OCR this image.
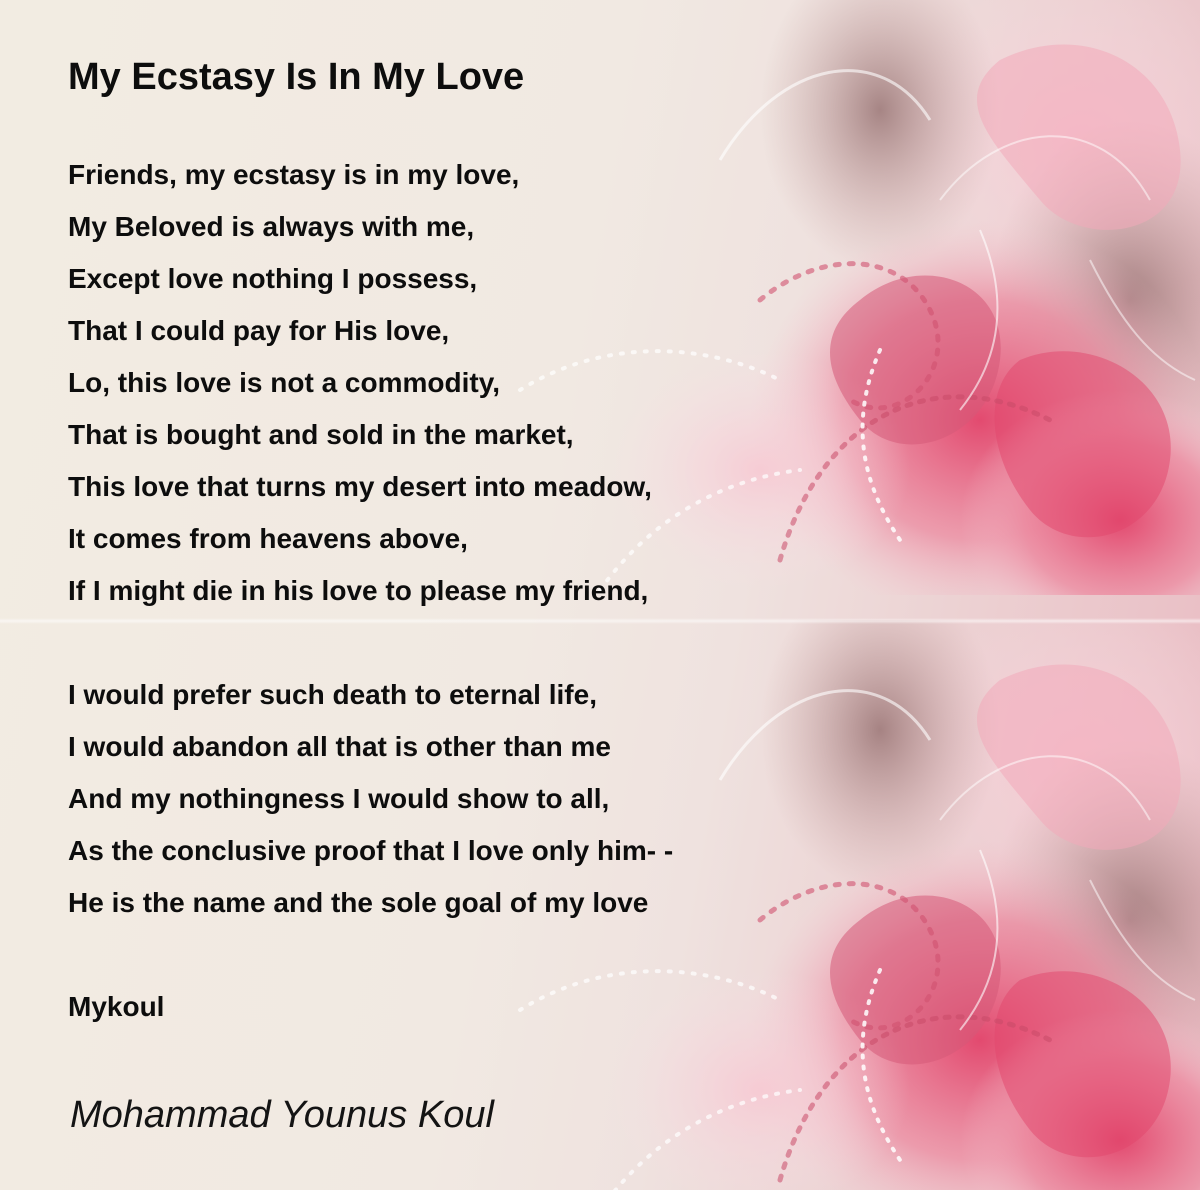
My Ecstasy Is In My Love
Friends, my ecstasy is in my love,
My Beloved is always with me,
Except love nothing I possess,
That I could pay for His love,
Lo, this love is not a commodity,
That is bought and sold in the market,
This love that turns my desert into meadow,
It comes from heavens above,
If I might die in his love to please my friend,
I would prefer such death to eternal life,
I would abandon all that is other than me
And my nothingness I would show to all,
As the conclusive proof that I love only him- -
He is the name and the sole goal of my love
Mykoul
Mohammad Younus Koul
